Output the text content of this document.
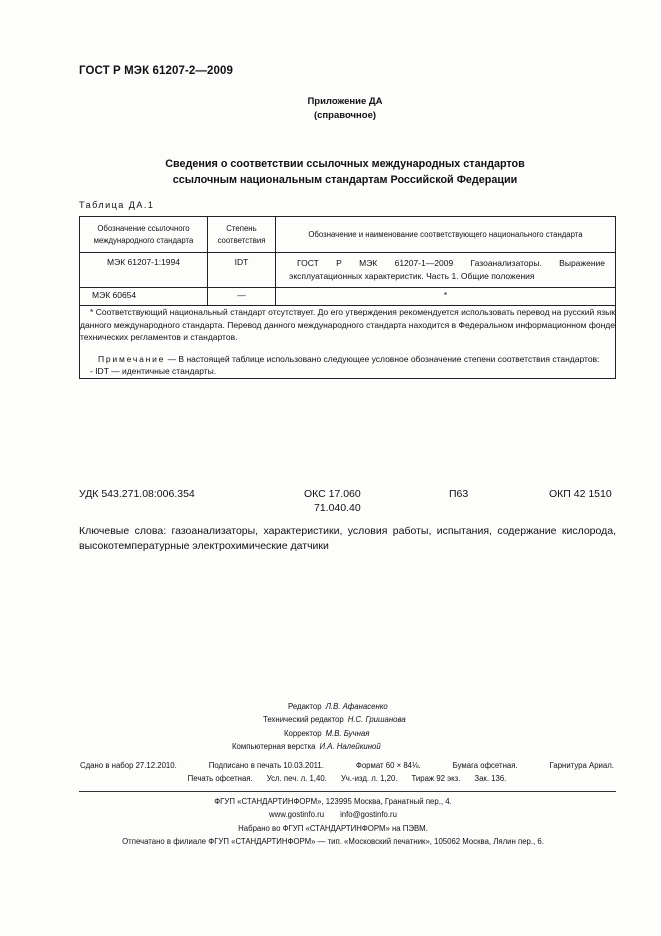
ГОСТ Р МЭК 61207-2—2009
Приложение ДА
(справочное)
Сведения о соответствии ссылочных международных стандартов
ссылочным национальным стандартам Российской Федерации
Таблица ДА.1
Обозначение ссылочного международного стандарта	Степень соответствия	Обозначение и наименование соответствующего национального стандарта
МЭК 61207-1:1994	IDT	ГОСТ Р МЭК 61207-1—2009 Газоанализаторы. Выражение эксплуатационных характеристик. Часть 1. Общие положения
МЭК 60654	—	*

* Соответствующий национальный стандарт отсутствует. До его утверждения рекомендуется использовать перевод на русский язык данного международного стандарта. Перевод данного международного стандарта находится в Федеральном информационном фонде технических регламентов и стандартов.

Примечание — В настоящей таблице использовано следующее условное обозначение степени соответствия стандартов:

- IDT — идентичные стандарты.		

УДК 543.271.08:006.354	ОКС 17.060
71.040.40
П63	ОКП 42 1510
Ключевые слова: газоанализаторы, характеристики, условия работы, испытания, содержание кислорода, высокотемпературные электрохимические датчики
Редактор Л.В. Афанасенко
Технический редактор Н.С. Гришанова
Корректор М.В. Бучная
Компьютерная верстка И.А. Налейкиной
Сдано в набор 27.12.2010.	Подписано в печать 10.03.2011.	Формат 60 × 84⅛.	Бумага офсетная.	Гарнитура Ариал.
Печать офсетная. Усл. печ. л. 1,40. Уч.-изд. л. 1,20. Тираж 92 экз. Зак. 136.
ФГУП «СТАНДАРТИНФОРМ», 123995 Москва, Гранатный пер., 4.
www.gostinfo.ru info@gostinfo.ru
Набрано во ФГУП «СТАНДАРТИНФОРМ» на ПЭВМ.
Отпечатано в филиале ФГУП «СТАНДАРТИНФОРМ» — тип. «Московский печатник», 105062 Москва, Лялин пер., 6.
